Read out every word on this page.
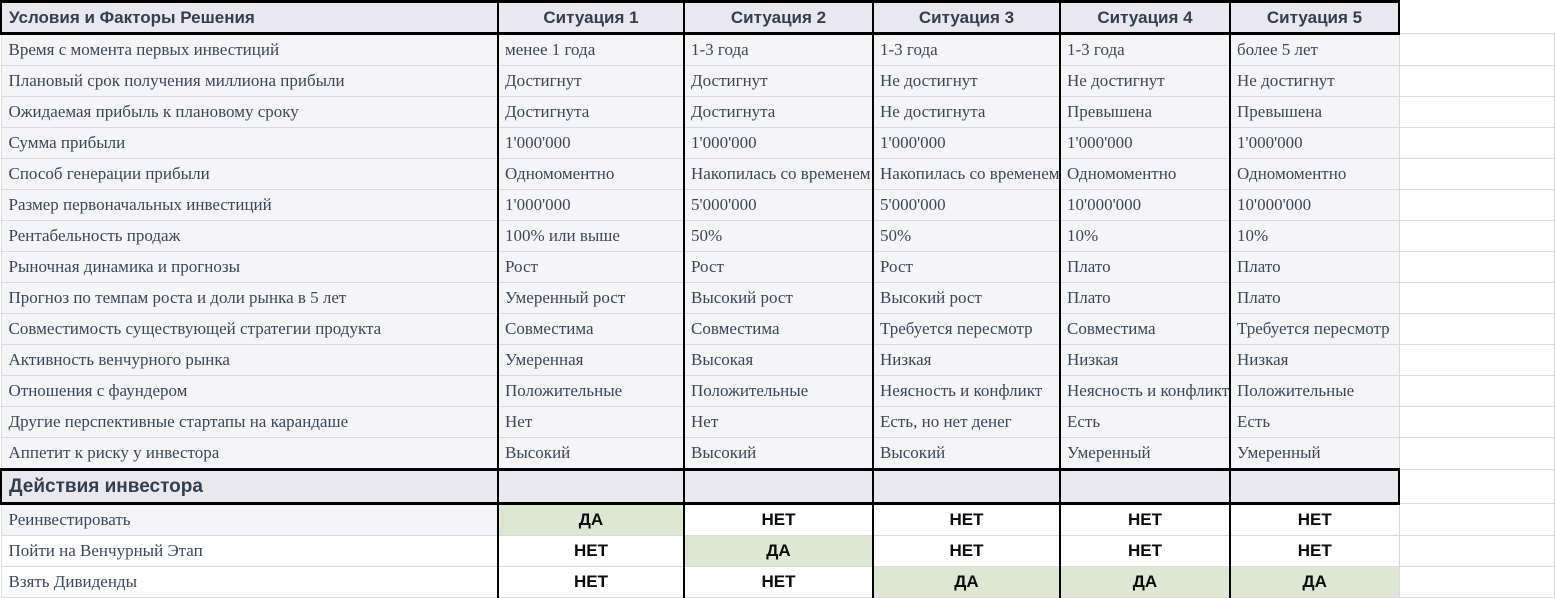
Условия и Факторы Решения	Ситуация 1	Ситуация 2	Ситуация 3	Ситуация 4	Ситуация 5	
Время с момента первых инвестиций	менее 1 года	1-3 года	1-3 года	1-3 года	более 5 лет	

Плановый срок получения миллиона прибыли	Достигнут	Достигнут	Не достигнут	Не достигнут	Не достигнут	

Ожидаемая прибыль к плановому сроку	Достигнута	Достигнута	Не достигнута	Превышена	Превышена	

Сумма прибыли	1'000'000	1'000'000	1'000'000	1'000'000	1'000'000	

Способ генерации прибыли	Одномоментно	Накопилась со временем	Накопилась со временем	Одномоментно	Одномоментно	

Размер первоначальных инвестиций	1'000'000	5'000'000	5'000'000	10'000'000	10'000'000	

Рентабельность продаж	100% или выше	50%	50%	10%	10%	

Рыночная динамика и прогнозы	Рост	Рост	Рост	Плато	Плато	

Прогноз по темпам роста и доли рынка в 5 лет	Умеренный рост	Высокий рост	Высокий рост	Плато	Плато	

Совместимость существующей стратегии продукта	Совместима	Совместима	Требуется пересмотр	Совместима	Требуется пересмотр	

Активность венчурного рынка	Умеренная	Высокая	Низкая	Низкая	Низкая	

Отношения с фаундером	Положительные	Положительные	Неясность и конфликт	Неясность и конфликт	Положительные	

Другие перспективные стартапы на карандаше	Нет	Нет	Есть, но нет денег	Есть	Есть	

Аппетит к риску у инвестора	Высокий	Высокий	Высокий	Умеренный	Умеренный	

Действия инвестора						
Реинвестировать	ДА	НЕТ	НЕТ	НЕТ	НЕТ	
Пойти на Венчурный Этап	НЕТ	ДА	НЕТ	НЕТ	НЕТ	
Взять Дивиденды	НЕТ	НЕТ	ДА	ДА	ДА	
